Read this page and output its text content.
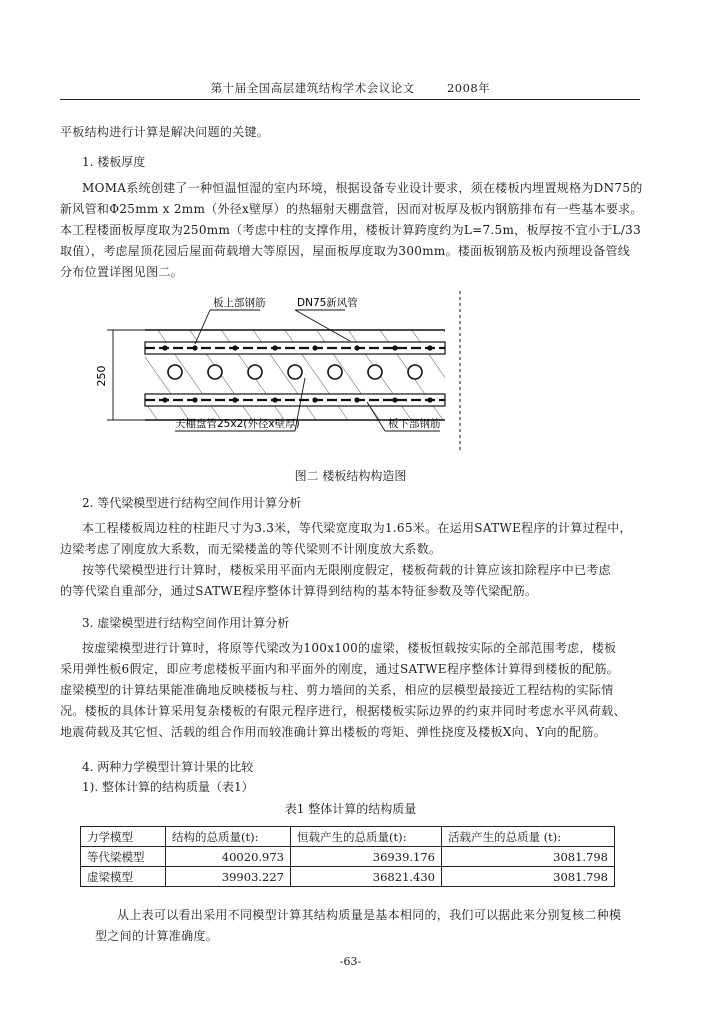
第十届全国高层建筑结构学术会议论文	2008年
平板结构进行计算是解决问题的关键。
1. 楼板厚度
MOMA系统创建了一种恒温恒湿的室内环境，根据设备专业设计要求，须在楼板内埋置规格为DN75的
新风管和Φ25mm x 2mm（外径x壁厚）的热辐射天棚盘管，因而对板厚及板内钢筋排布有一些基本要求。
本工程楼面板厚度取为250mm（考虑中柱的支撑作用，楼板计算跨度约为L=7.5m，板厚按不宜小于L/33
取值），考虑屋顶花园后屋面荷载增大等原因，屋面板厚度取为300mm。楼面板钢筋及板内预埋设备管线
分布位置详图见图二。
250
板上部钢筋	DN75新风管
天棚盘管25x2(外径x壁厚)	板下部钢筋
图二 楼板结构构造图
2. 等代梁模型进行结构空间作用计算分析
本工程楼板周边柱的柱距尺寸为3.3米，等代梁宽度取为1.65米。在运用SATWE程序的计算过程中，
边梁考虑了刚度放大系数，而无梁楼盖的等代梁则不计刚度放大系数。
按等代梁模型进行计算时，楼板采用平面内无限刚度假定，楼板荷载的计算应该扣除程序中已考虑
的等代梁自重部分，通过SATWE程序整体计算得到结构的基本特征参数及等代梁配筋。
3. 虚梁模型进行结构空间作用计算分析
按虚梁模型进行计算时，将原等代梁改为100x100的虚梁，楼板恒载按实际的全部范围考虑，楼板
采用弹性板6假定，即应考虑楼板平面内和平面外的刚度，通过SATWE程序整体计算得到楼板的配筋。
虚梁模型的计算结果能准确地反映楼板与柱、剪力墙间的关系，相应的层模型最接近工程结构的实际情
况。楼板的具体计算采用复杂楼板的有限元程序进行，根据楼板实际边界的约束并同时考虑水平风荷载、
地震荷载及其它恒、活载的组合作用而较准确计算出楼板的弯矩、弹性挠度及楼板X向、Y向的配筋。
4. 两种力学模型计算计果的比较
1). 整体计算的结构质量（表1）
表1 整体计算的结构质量
力学模型	结构的总质量(t):	恒载产生的总质量(t):	活载产生的总质量 (t):
等代梁模型	40020.973	36939.176	3081.798
虚梁模型	39903.227	36821.430	3081.798
从上表可以看出采用不同模型计算其结构质量是基本相同的，我们可以据此来分别复核二种模
型之间的计算准确度。
-63-
